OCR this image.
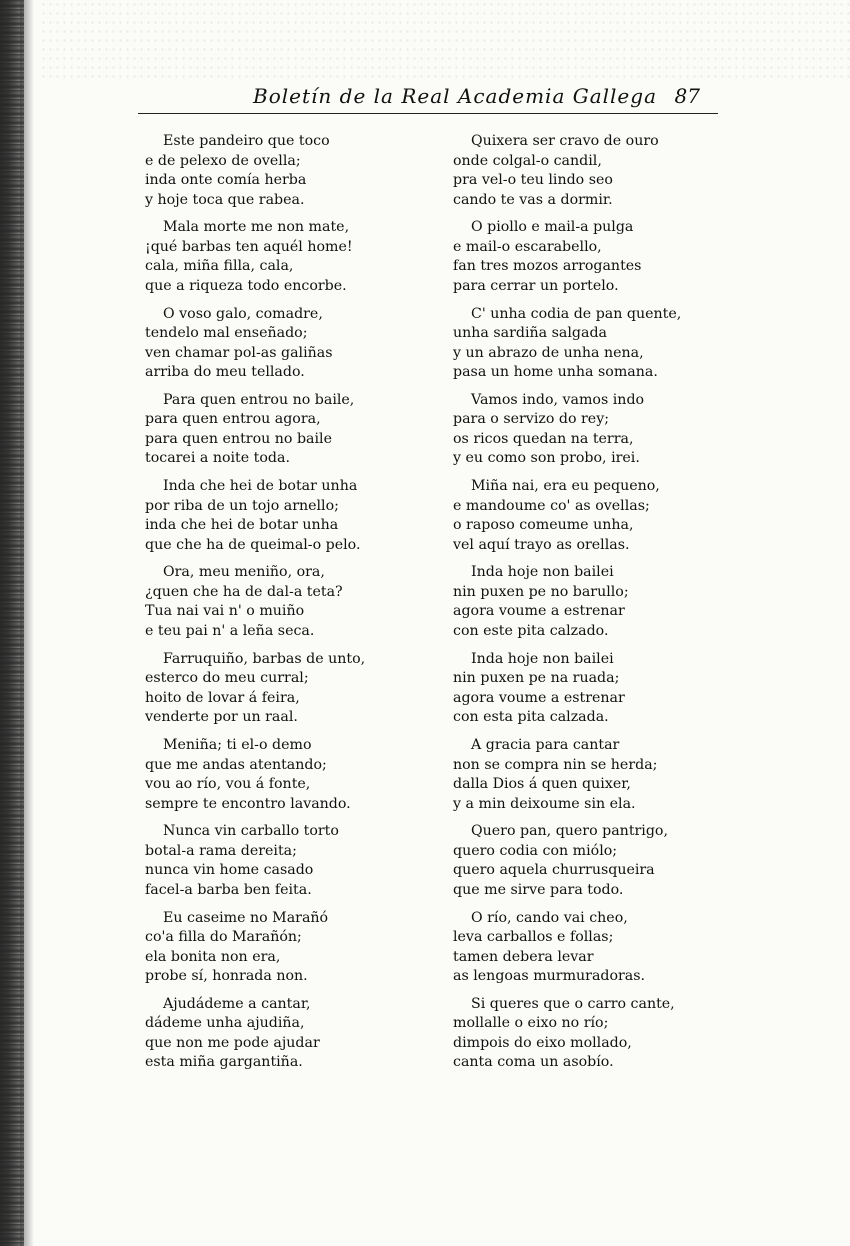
Boletín de la Real Academia Gallega 87
Este pandeiro que toco
e de pelexo de ovella;
inda onte comía herba
y hoje toca que rabea.
Mala morte me non mate,
¡qué barbas ten aquél home!
cala, miña filla, cala,
que a riqueza todo encorbe.
O voso galo, comadre,
tendelo mal enseñado;
ven chamar pol-as galiñas
arriba do meu tellado.
Para quen entrou no baile,
para quen entrou agora,
para quen entrou no baile
tocarei a noite toda.
Inda che hei de botar unha
por riba de un tojo arnello;
inda che hei de botar unha
que che ha de queimal-o pelo.
Ora, meu meniño, ora,
¿quen che ha de dal-a teta?
Tua nai vai n' o muiño
e teu pai n' a leña seca.
Farruquiño, barbas de unto,
esterco do meu curral;
hoito de lovar á feira,
venderte por un raal.
Meniña; ti el-o demo
que me andas atentando;
vou ao río, vou á fonte,
sempre te encontro lavando.
Nunca vin carballo torto
botal-a rama dereita;
nunca vin home casado
facel-a barba ben feita.
Eu caseime no Marañó
co'a filla do Marañón;
ela bonita non era,
probe sí, honrada non.
Ajudádeme a cantar,
dádeme unha ajudiña,
que non me pode ajudar
esta miña gargantiña.
Quixera ser cravo de ouro
onde colgal-o candil,
pra vel-o teu lindo seo
cando te vas a dormir.
O piollo e mail-a pulga
e mail-o escarabello,
fan tres mozos arrogantes
para cerrar un portelo.
C' unha codia de pan quente,
unha sardiña salgada
y un abrazo de unha nena,
pasa un home unha somana.
Vamos indo, vamos indo
para o servizo do rey;
os ricos quedan na terra,
y eu como son probo, irei.
Miña nai, era eu pequeno,
e mandoume co' as ovellas;
o raposo comeume unha,
vel aquí trayo as orellas.
Inda hoje non bailei
nin puxen pe no barullo;
agora voume a estrenar
con este pita calzado.
Inda hoje non bailei
nin puxen pe na ruada;
agora voume a estrenar
con esta pita calzada.
A gracia para cantar
non se compra nin se herda;
dalla Dios á quen quixer,
y a min deixoume sin ela.
Quero pan, quero pantrigo,
quero codia con miólo;
quero aquela churrusqueira
que me sirve para todo.
O río, cando vai cheo,
leva carballos e follas;
tamen debera levar
as lengoas murmuradoras.
Si queres que o carro cante,
mollalle o eixo no río;
dimpois do eixo mollado,
canta coma un asobío.
